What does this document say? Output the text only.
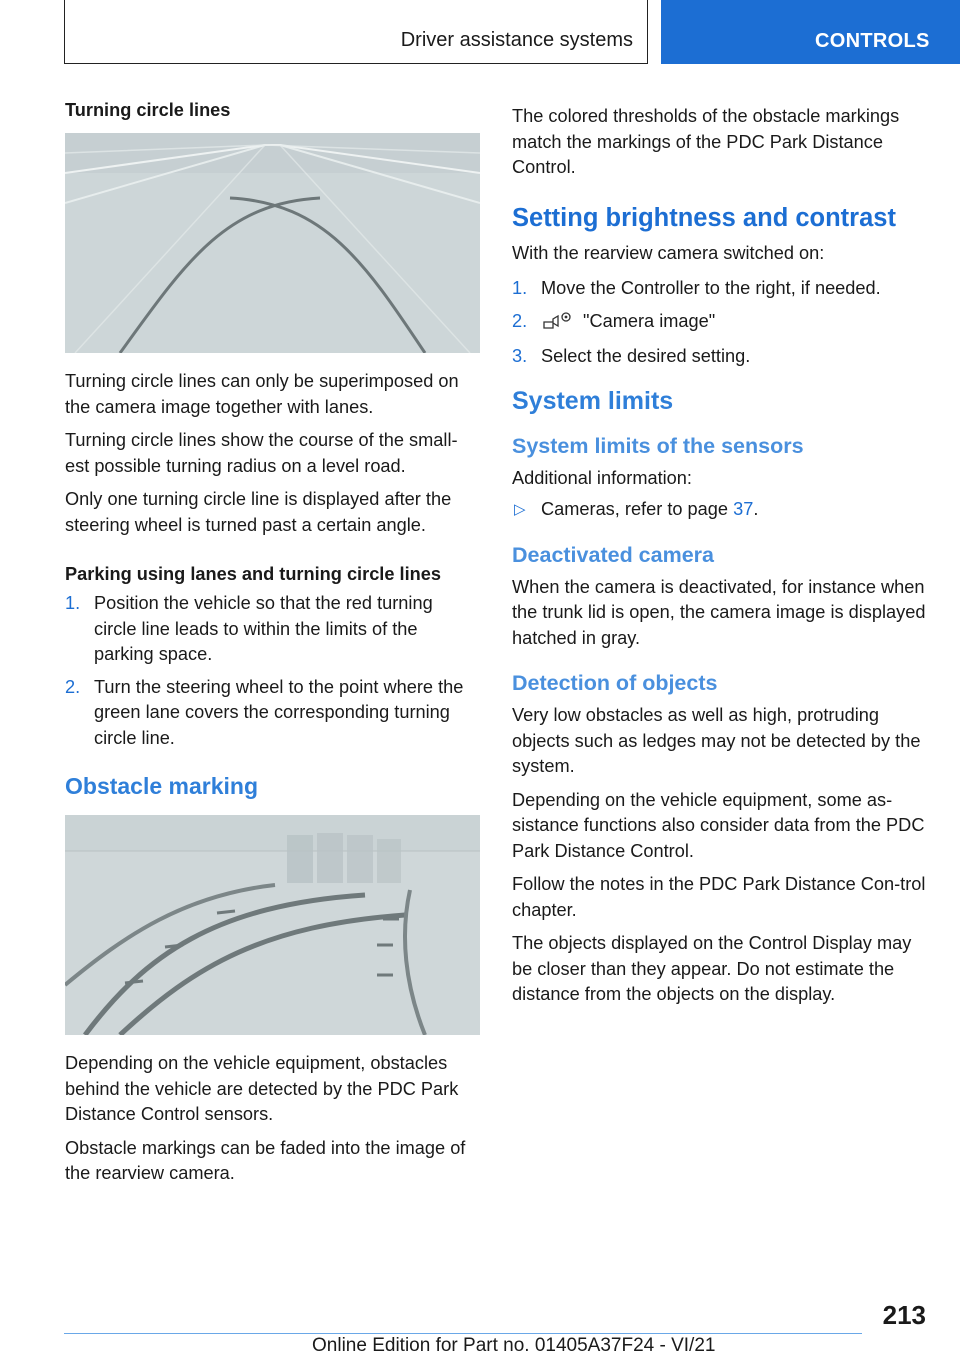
Driver assistance systems	CONTROLS
Turning circle lines

Turning circle lines can only be superimposed on the camera image together with lanes.

Turning circle lines show the course of the small‐est possible turning radius on a level road.

Only one turning circle line is displayed after the steering wheel is turned past a certain angle.

Parking using lanes and turning circle lines
1. Position the vehicle so that the red turning circle line leads to within the limits of the parking space.
2. Turn the steering wheel to the point where the green lane covers the corresponding turning circle line.
Obstacle marking

Depending on the vehicle equipment, obstacles behind the vehicle are detected by the PDC Park Distance Control sensors.

Obstacle markings can be faded into the image of the rearview camera.

The colored thresholds of the obstacle markings match the markings of the PDC Park Distance Control.

Setting brightness and contrast

With the rearview camera switched on:

1. Move the Controller to the right, if needed.
2.	"Camera image"
3. Select the desired setting.
System limits
System limits of the sensors

Additional information:

▷ Cameras, refer to page 37.
Deactivated camera

When the camera is deactivated, for instance when the trunk lid is open, the camera image is displayed hatched in gray.

Detection of objects

Very low obstacles as well as high, protruding objects such as ledges may not be detected by the system.

Depending on the vehicle equipment, some as‐sistance functions also consider data from the PDC Park Distance Control.

Follow the notes in the PDC Park Distance Con‐trol chapter.

The objects displayed on the Control Display may be closer than they appear. Do not estimate the distance from the objects on the display.

213
Online Edition for Part no. 01405A37F24 - VI/21
